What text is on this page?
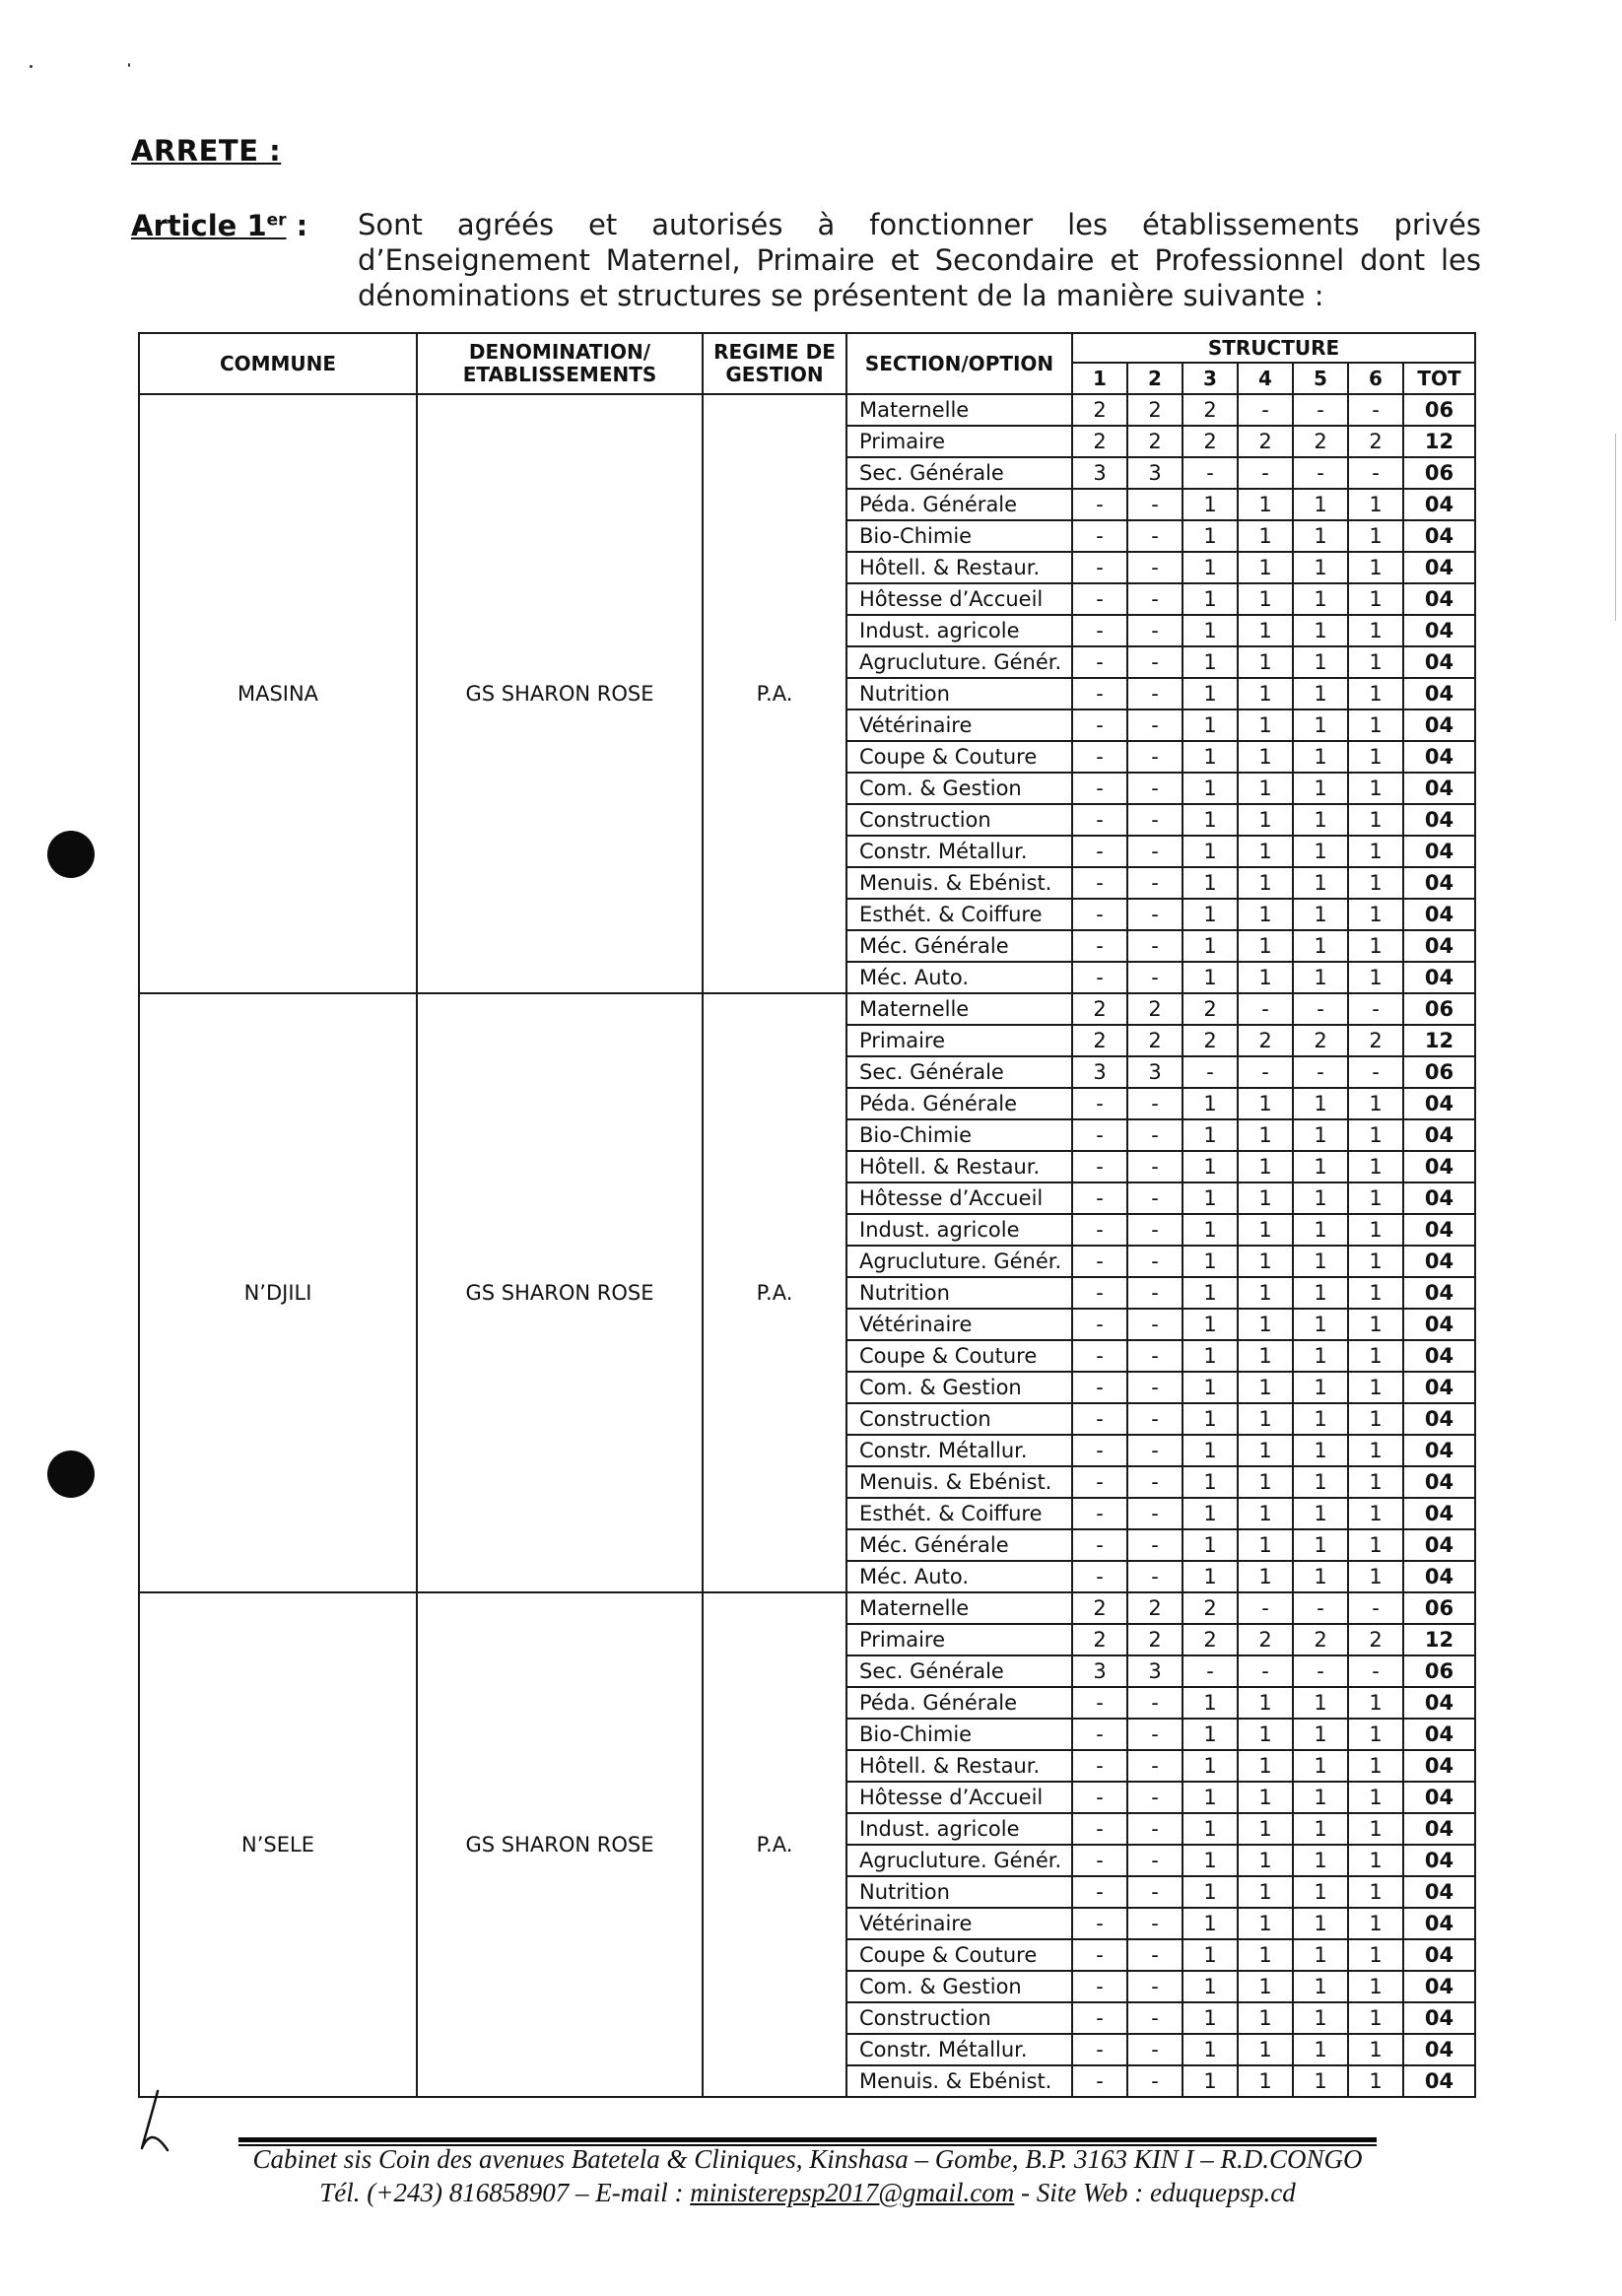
ARRETE :
Article 1er : Sont agréés et autorisés à fonctionner les établissements privés d’Enseignement Maternel, Primaire et Secondaire et Professionnel dont les dénominations et structures se présentent de la manière suivante :
COMMUNE	DENOMINATION/ ETABLISSEMENTS	REGIME DE GESTION	SECTION/OPTION	STRUCTURE						
				1	2	3	4	5	6	TOT
MASINA	GS SHARON ROSE	P.A.	Maternelle	2	2	2	-	-	-	06
			Primaire	2	2	2	2	2	2	12
			Sec. Générale	3	3	-	-	-	-	06
			Péda. Générale	-	-	1	1	1	1	04
			Bio-Chimie	-	-	1	1	1	1	04
			Hôtell. & Restaur.	-	-	1	1	1	1	04
			Hôtesse d’Accueil	-	-	1	1	1	1	04
			Indust. agricole	-	-	1	1	1	1	04
			Agrucluture. Génér.	-	-	1	1	1	1	04
			Nutrition	-	-	1	1	1	1	04
			Vétérinaire	-	-	1	1	1	1	04
			Coupe & Couture	-	-	1	1	1	1	04
			Com. & Gestion	-	-	1	1	1	1	04
			Construction	-	-	1	1	1	1	04
			Constr. Métallur.	-	-	1	1	1	1	04
			Menuis. & Ebénist.	-	-	1	1	1	1	04
			Esthét. & Coiffure	-	-	1	1	1	1	04
			Méc. Générale	-	-	1	1	1	1	04
			Méc. Auto.	-	-	1	1	1	1	04
N’DJILI	GS SHARON ROSE	P.A.	Maternelle	2	2	2	-	-	-	06
			Primaire	2	2	2	2	2	2	12
			Sec. Générale	3	3	-	-	-	-	06
			Péda. Générale	-	-	1	1	1	1	04
			Bio-Chimie	-	-	1	1	1	1	04
			Hôtell. & Restaur.	-	-	1	1	1	1	04
			Hôtesse d’Accueil	-	-	1	1	1	1	04
			Indust. agricole	-	-	1	1	1	1	04
			Agrucluture. Génér.	-	-	1	1	1	1	04
			Nutrition	-	-	1	1	1	1	04
			Vétérinaire	-	-	1	1	1	1	04
			Coupe & Couture	-	-	1	1	1	1	04
			Com. & Gestion	-	-	1	1	1	1	04
			Construction	-	-	1	1	1	1	04
			Constr. Métallur.	-	-	1	1	1	1	04
			Menuis. & Ebénist.	-	-	1	1	1	1	04
			Esthét. & Coiffure	-	-	1	1	1	1	04
			Méc. Générale	-	-	1	1	1	1	04
			Méc. Auto.	-	-	1	1	1	1	04
N’SELE	GS SHARON ROSE	P.A.	Maternelle	2	2	2	-	-	-	06
			Primaire	2	2	2	2	2	2	12
			Sec. Générale	3	3	-	-	-	-	06
			Péda. Générale	-	-	1	1	1	1	04
			Bio-Chimie	-	-	1	1	1	1	04
			Hôtell. & Restaur.	-	-	1	1	1	1	04
			Hôtesse d’Accueil	-	-	1	1	1	1	04
			Indust. agricole	-	-	1	1	1	1	04
			Agrucluture. Génér.	-	-	1	1	1	1	04
			Nutrition	-	-	1	1	1	1	04
			Vétérinaire	-	-	1	1	1	1	04
			Coupe & Couture	-	-	1	1	1	1	04
			Com. & Gestion	-	-	1	1	1	1	04
			Construction	-	-	1	1	1	1	04
			Constr. Métallur.	-	-	1	1	1	1	04
			Menuis. & Ebénist.	-	-	1	1	1	1	04
Cabinet sis Coin des avenues Batetela & Cliniques, Kinshasa – Gombe, B.P. 3163 KIN I – R.D.CONGO
Tél. (+243) 816858907 – E-mail : ministerepsp2017@gmail.com - Site Web : eduquepsp.cd
